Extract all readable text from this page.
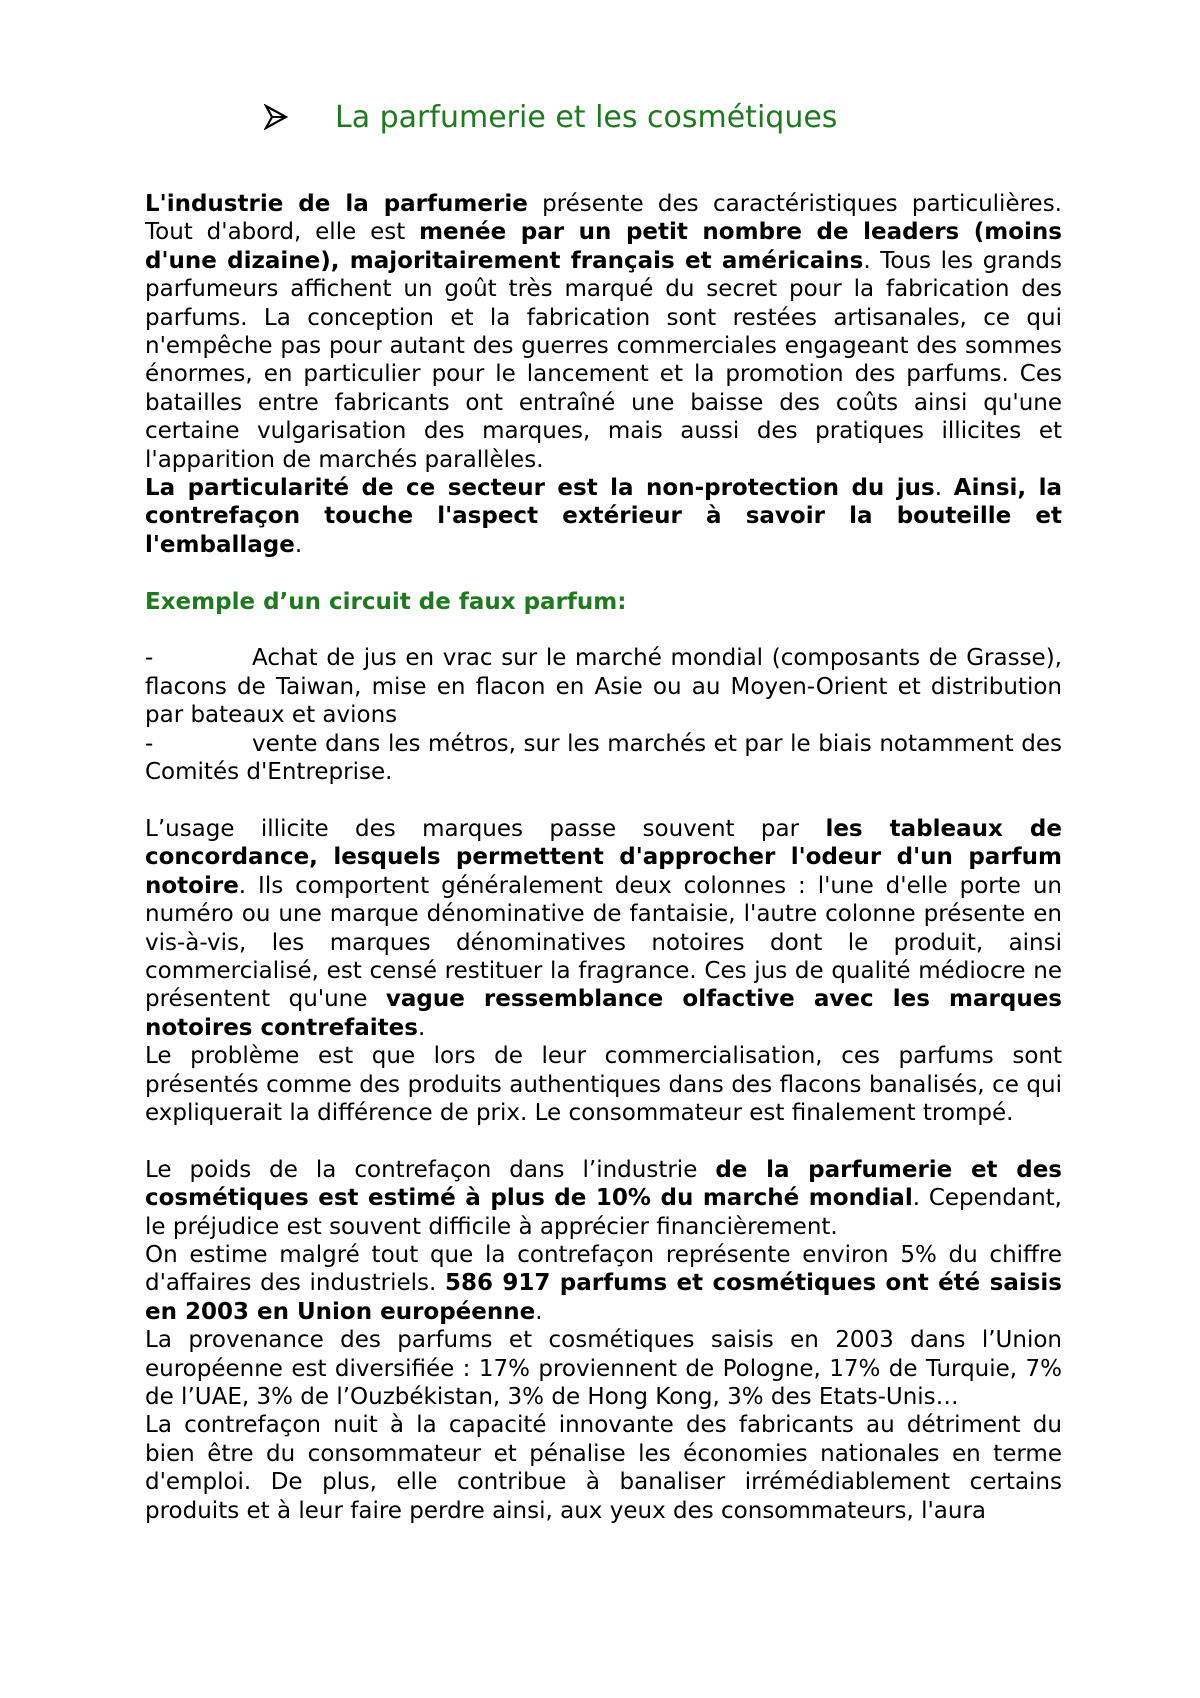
La parfumerie et les cosmétiques

L'industrie de la parfumerie présente des caractéristiques particulières. Tout d'abord, elle est menée par un petit nombre de leaders (moins d'une dizaine), majoritairement français et américains. Tous les grands parfumeurs affichent un goût très marqué du secret pour la fabrication des parfums. La conception et la fabrication sont restées artisanales, ce qui n'empêche pas pour autant des guerres commerciales engageant des sommes énormes, en particulier pour le lancement et la promotion des parfums. Ces batailles entre fabricants ont entraîné une baisse des coûts ainsi qu'une certaine vulgarisation des marques, mais aussi des pratiques illicites et l'apparition de marchés parallèles.

La particularité de ce secteur est la non-protection du jus. Ainsi, la contrefaçon touche l'aspect extérieur à savoir la bouteille et l'emballage.

Exemple d’un circuit de faux parfum:

-	Achat de jus en vrac sur le marché mondial (composants de Grasse), flacons de Taiwan, mise en flacon en Asie ou au Moyen-Orient et distribution par bateaux et avions

-	vente dans les métros, sur les marchés et par le biais notamment des Comités d'Entreprise.

L’usage illicite des marques passe souvent par les tableaux de concordance, lesquels permettent d'approcher l'odeur d'un parfum notoire. Ils comportent généralement deux colonnes : l'une d'elle porte un numéro ou une marque dénominative de fantaisie, l'autre colonne présente en vis-à-vis, les marques dénominatives notoires dont le produit, ainsi commercialisé, est censé restituer la fragrance. Ces jus de qualité médiocre ne présentent qu'une vague ressemblance olfactive avec les marques notoires contrefaites.

Le problème est que lors de leur commercialisation, ces parfums sont présentés comme des produits authentiques dans des flacons banalisés, ce qui expliquerait la différence de prix. Le consommateur est finalement trompé.

Le poids de la contrefaçon dans l’industrie de la parfumerie et des cosmétiques est estimé à plus de 10% du marché mondial. Cependant, le préjudice est souvent difficile à apprécier financièrement.

On estime malgré tout que la contrefaçon représente environ 5% du chiffre d'affaires des industriels. 586 917 parfums et cosmétiques ont été saisis en 2003 en Union européenne.

La provenance des parfums et cosmétiques saisis en 2003 dans l’Union européenne est diversifiée : 17% proviennent de Pologne, 17% de Turquie, 7% de l’UAE, 3% de l’Ouzbékistan, 3% de Hong Kong, 3% des Etats-Unis…

La contrefaçon nuit à la capacité innovante des fabricants au détriment du bien être du consommateur et pénalise les économies nationales en terme d'emploi. De plus, elle contribue à banaliser irrémédiablement certains produits et à leur faire perdre ainsi, aux yeux des consommateurs, l'aura
